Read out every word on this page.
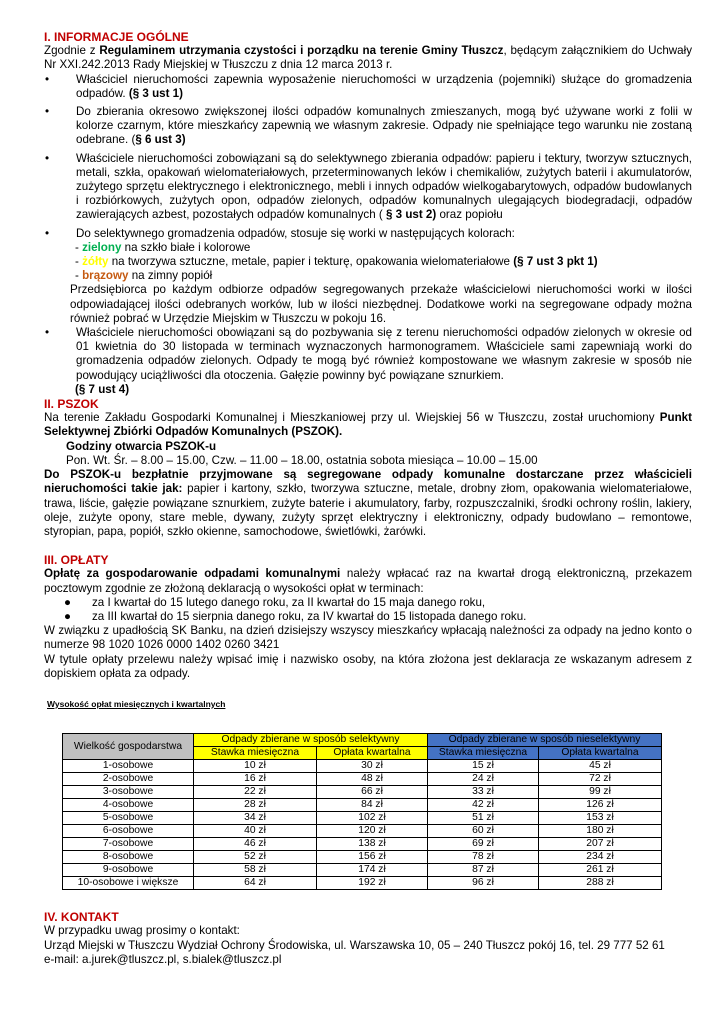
I. INFORMACJE OGÓLNE

Zgodnie z Regulaminem utrzymania czystości i porządku na terenie Gminy Tłuszcz, będącym załącznikiem do Uchwały Nr XXI.242.2013 Rady Miejskiej w Tłuszczu z dnia 12 marca 2013 r.

•	Właściciel nieruchomości zapewnia wyposażenie nieruchomości w urządzenia (pojemniki) służące do gromadzenia odpadów. (§ 3 ust 1)
•	Do zbierania okresowo zwiększonej ilości odpadów komunalnych zmieszanych, mogą być używane worki z folii w kolorze czarnym, które mieszkańcy zapewnią we własnym zakresie. Odpady nie spełniające tego warunku nie zostaną odebrane. (§ 6 ust 3)
•	Właściciele nieruchomości zobowiązani są do selektywnego zbierania odpadów: papieru i tektury, tworzyw sztucznych, metali, szkła, opakowań wielomateriałowych, przeterminowanych leków i chemikaliów, zużytych baterii i akumulatorów, zużytego sprzętu elektrycznego i elektronicznego, mebli i innych odpadów wielkogabarytowych, odpadów budowlanych i rozbiórkowych, zużytych opon, odpadów zielonych, odpadów komunalnych ulegających biodegradacji, odpadów zawierających azbest, pozostałych odpadów komunalnych ( § 3 ust 2) oraz popiołu
•	Do selektywnego gromadzenia odpadów, stosuje się worki w następujących kolorach:
- zielony na szkło białe i kolorowe
- żółty na tworzywa sztuczne, metale, papier i tekturę, opakowania wielomateriałowe (§ 7 ust 3 pkt 1)
- brązowy na zimny popiół

Przedsiębiorca po każdym odbiorze odpadów segregowanych przekaże właścicielowi nieruchomości worki w ilości odpowiadającej ilości odebranych worków, lub w ilości niezbędnej. Dodatkowe worki na segregowane odpady można również pobrać w Urzędzie Miejskim w Tłuszczu w pokoju 16.

•	Właściciele nieruchomości obowiązani są do pozbywania się z terenu nieruchomości odpadów zielonych w okresie od 01 kwietnia do 30 listopada w terminach wyznaczonych harmonogramem. Właściciele sami zapewniają worki do gromadzenia odpadów zielonych. Odpady te mogą być również kompostowane we własnym zakresie w sposób nie powodujący uciążliwości dla otoczenia. Gałęzie powinny być powiązane sznurkiem.
(§ 7 ust 4)
II. PSZOK

Na terenie Zakładu Gospodarki Komunalnej i Mieszkaniowej przy ul. Wiejskiej 56 w Tłuszczu, został uruchomiony Punkt Selektywnej Zbiórki Odpadów Komunalnych (PSZOK).

Godziny otwarcia PSZOK-u
Pon. Wt. Śr. – 8.00 – 15.00, Czw. – 11.00 – 18.00, ostatnia sobota miesiąca – 10.00 – 15.00

Do PSZOK-u bezpłatnie przyjmowane są segregowane odpady komunalne dostarczane przez właścicieli nieruchomości takie jak: papier i kartony, szkło, tworzywa sztuczne, metale, drobny złom, opakowania wielomateriałowe, trawa, liście, gałęzie powiązane sznurkiem, zużyte baterie i akumulatory, farby, rozpuszczalniki, środki ochrony roślin, lakiery, oleje, zużyte opony, stare meble, dywany, zużyty sprzęt elektryczny i elektroniczny, odpady budowlano – remontowe, styropian, papa, popiół, szkło okienne, samochodowe, świetlówki, żarówki.

III. OPŁATY

Opłatę za gospodarowanie odpadami komunalnymi należy wpłacać raz na kwartał drogą elektroniczną, przekazem pocztowym zgodnie ze złożoną deklaracją o wysokości opłat w terminach:

●	za I kwartał do 15 lutego danego roku, za II kwartał do 15 maja danego roku,
●	za III kwartał do 15 sierpnia danego roku, za IV kwartał do 15 listopada danego roku.

W związku z upadłością SK Banku, na dzień dzisiejszy wszyscy mieszkańcy wpłacają należności za odpady na jedno konto o numerze 98 1020 1026 0000 1402 0260 3421

W tytule opłaty przelewu należy wpisać imię i nazwisko osoby, na która złożona jest deklaracja ze wskazanym adresem z dopiskiem opłata za odpady.

Wysokość opłat miesięcznych i kwartalnych
Wielkość gospodarstwa	Odpady zbierane w sposób selektywny		Odpady zbierane w sposób nieselektywny	
	Stawka miesięczna	Opłata kwartalna	Stawka miesięczna	Opłata kwartalna
1-osobowe	10 zł	30 zł	15 zł	45 zł
2-osobowe	16 zł	48 zł	24 zł	72 zł
3-osobowe	22 zł	66 zł	33 zł	99 zł
4-osobowe	28 zł	84 zł	42 zł	126 zł
5-osobowe	34 zł	102 zł	51 zł	153 zł
6-osobowe	40 zł	120 zł	60 zł	180 zł
7-osobowe	46 zł	138 zł	69 zł	207 zł
8-osobowe	52 zł	156 zł	78 zł	234 zł
9-osobowe	58 zł	174 zł	87 zł	261 zł
10-osobowe i większe	64 zł	192 zł	96 zł	288 zł
IV. KONTAKT
W przypadku uwag prosimy o kontakt:
Urząd Miejski w Tłuszczu Wydział Ochrony Środowiska, ul. Warszawska 10, 05 – 240 Tłuszcz pokój 16, tel. 29 777 52 61
e-mail: a.jurek@tluszcz.pl, s.bialek@tluszcz.pl
